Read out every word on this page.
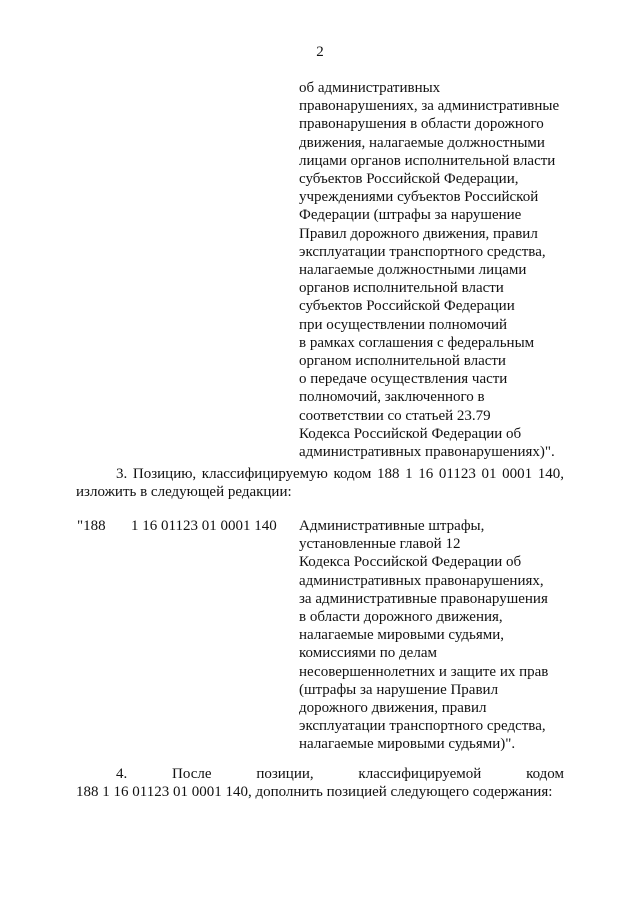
2
об административных
правонарушениях, за административные
правонарушения в области дорожного
движения, налагаемые должностными
лицами органов исполнительной власти
субъектов Российской Федерации,
учреждениями субъектов Российской
Федерации (штрафы за нарушение
Правил дорожного движения, правил
эксплуатации транспортного средства,
налагаемые должностными лицами
органов исполнительной власти
субъектов Российской Федерации
при осуществлении полномочий
в рамках соглашения с федеральным
органом исполнительной власти
о передаче осуществления части
полномочий, заключенного в
соответствии со статьей 23.79
Кодекса Российской Федерации об
административных правонарушениях)".
3. Позицию, классифицируемую кодом 188 1 16 01123 01 0001 140,
изложить в следующей редакции:
"188 1 16 01123 01 0001 140 Административные штрафы,
установленные главой 12
Кодекса Российской Федерации об
административных правонарушениях,
за административные правонарушения
в области дорожного движения,
налагаемые мировыми судьями,
комиссиями по делам
несовершеннолетних и защите их прав
(штрафы за нарушение Правил
дорожного движения, правил
эксплуатации транспортного средства,
налагаемые мировыми судьями)".
4. После позиции, классифицируемой кодом
188 1 16 01123 01 0001 140, дополнить позицией следующего содержания:
